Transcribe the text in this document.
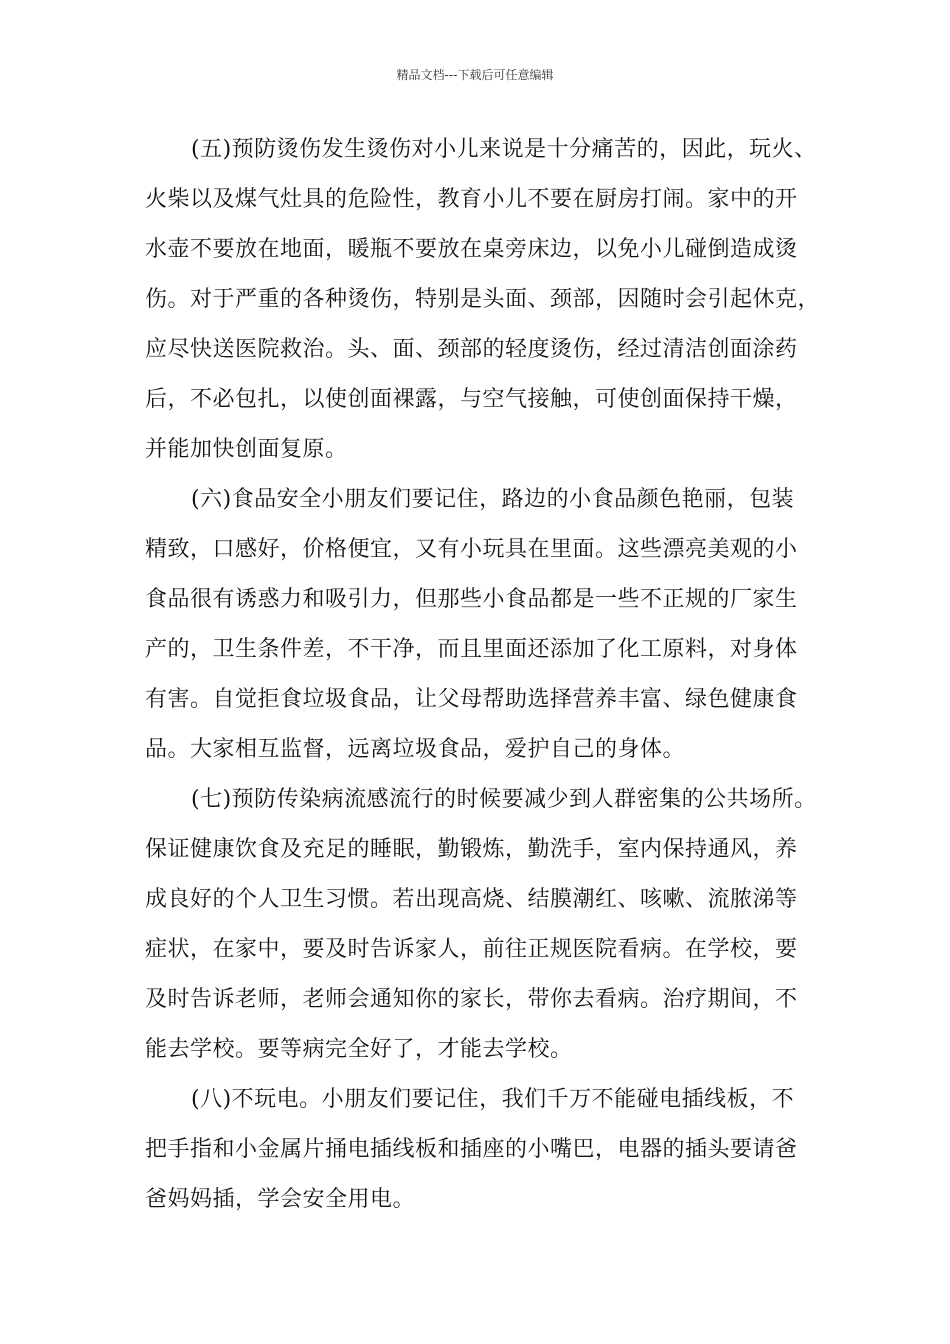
精品文档---下载后可任意编辑
(五)预防烫伤发生烫伤对小儿来说是十分痛苦的，因此，玩火、
火柴以及煤气灶具的危险性，教育小儿不要在厨房打闹。家中的开
水壶不要放在地面，暖瓶不要放在桌旁床边，以免小儿碰倒造成烫
伤。对于严重的各种烫伤，特别是头面、颈部，因随时会引起休克，
应尽快送医院救治。头、面、颈部的轻度烫伤，经过清洁创面涂药
后，不必包扎，以使创面裸露，与空气接触，可使创面保持干燥，
并能加快创面复原。
(六)食品安全小朋友们要记住，路边的小食品颜色艳丽，包装
精致，口感好，价格便宜，又有小玩具在里面。这些漂亮美观的小
食品很有诱惑力和吸引力，但那些小食品都是一些不正规的厂家生
产的，卫生条件差，不干净，而且里面还添加了化工原料，对身体
有害。自觉拒食垃圾食品，让父母帮助选择营养丰富、绿色健康食
品。大家相互监督，远离垃圾食品，爱护自己的身体。
(七)预防传染病流感流行的时候要减少到人群密集的公共场所。
保证健康饮食及充足的睡眠，勤锻炼，勤洗手，室内保持通风，养
成良好的个人卫生习惯。若出现高烧、结膜潮红、咳嗽、流脓涕等
症状，在家中，要及时告诉家人，前往正规医院看病。在学校，要
及时告诉老师，老师会通知你的家长，带你去看病。治疗期间，不
能去学校。要等病完全好了，才能去学校。
(八)不玩电。小朋友们要记住，我们千万不能碰电插线板，不
把手指和小金属片捅电插线板和插座的小嘴巴，电器的插头要请爸
爸妈妈插，学会安全用电。
